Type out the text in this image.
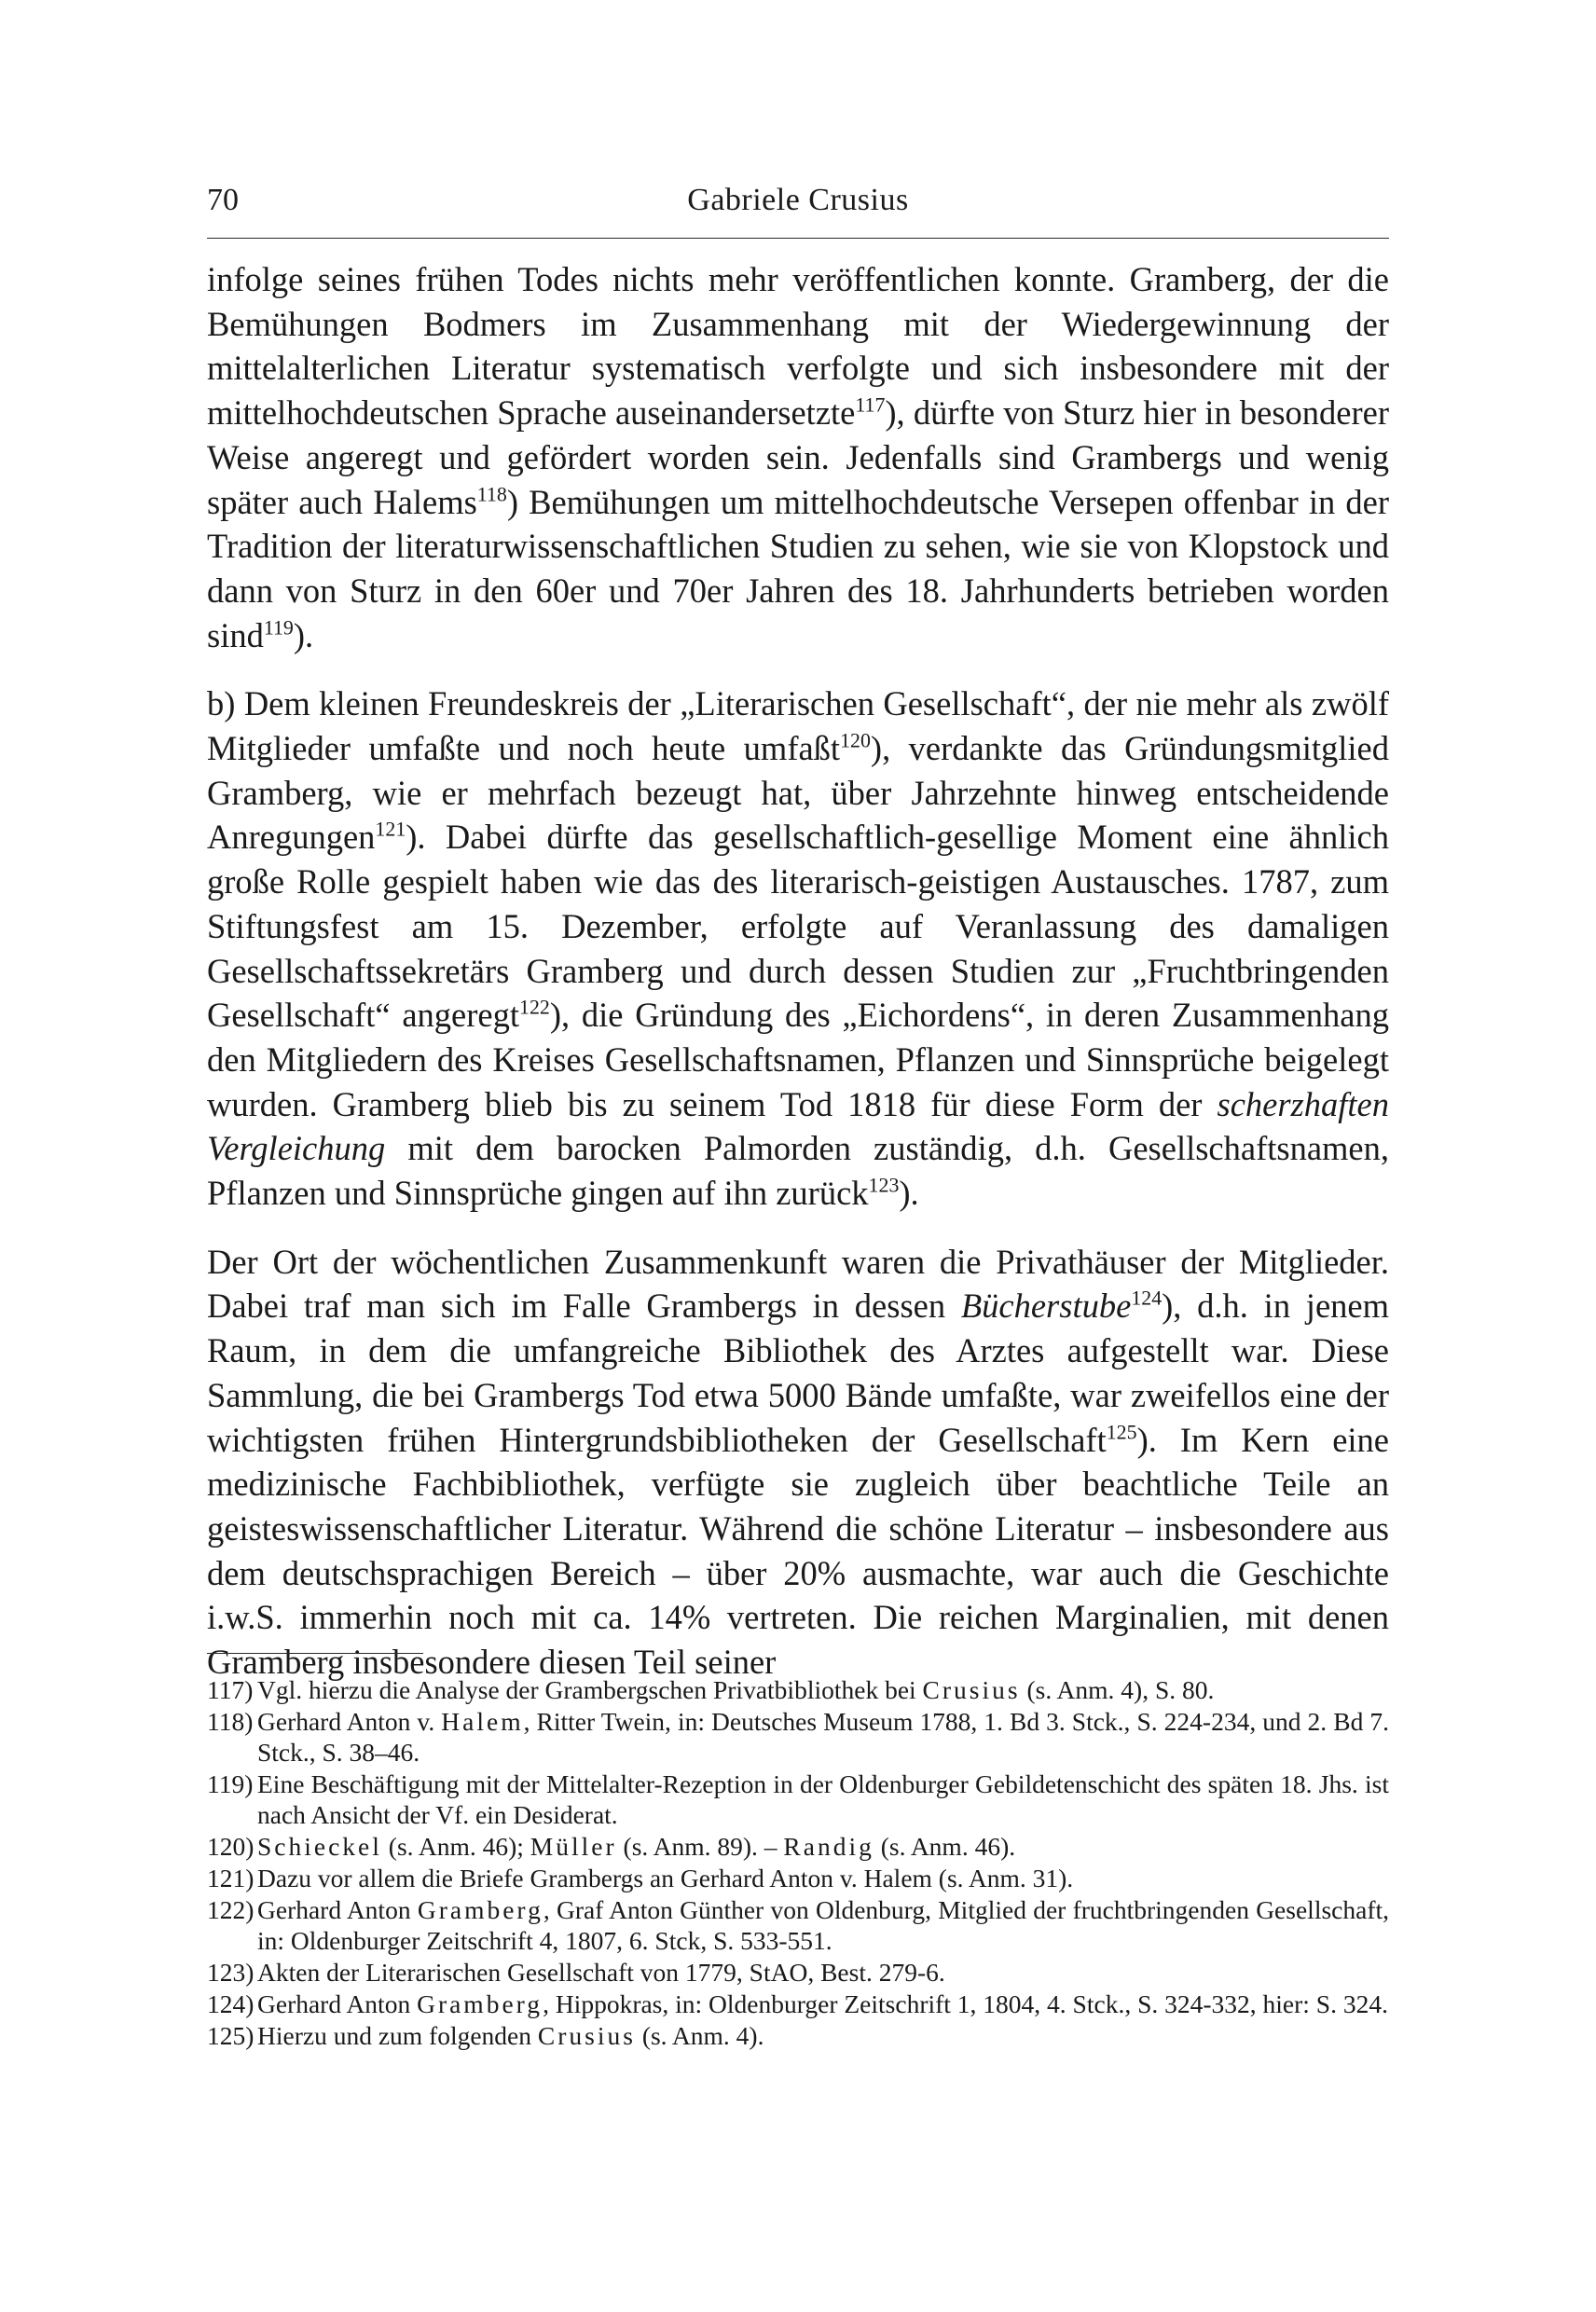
70	Gabriele Crusius

infolge seines frühen Todes nichts mehr veröffentlichen konnte. Gramberg, der die Bemühungen Bodmers im Zusammenhang mit der Wiedergewinnung der mittelalterlichen Literatur systematisch verfolgte und sich insbesondere mit der mittelhochdeutschen Sprache auseinandersetzte$^{117}$), dürfte von Sturz hier in besonderer Weise angeregt und gefördert worden sein. Jedenfalls sind Grambergs und wenig später auch Halems$^{118}$) Bemühungen um mittelhochdeutsche Versepen offenbar in der Tradition der literaturwissenschaftlichen Studien zu sehen, wie sie von Klopstock und dann von Sturz in den 60er und 70er Jahren des 18. Jahrhunderts betrieben worden sind$^{119}$).

b) Dem kleinen Freundeskreis der „Literarischen Gesellschaft“, der nie mehr als zwölf Mitglieder umfaßte und noch heute umfaßt$^{120}$), verdankte das Gründungsmitglied Gramberg, wie er mehrfach bezeugt hat, über Jahrzehnte hinweg entscheidende Anregungen$^{121}$). Dabei dürfte das gesellschaftlich-gesellige Moment eine ähnlich große Rolle gespielt haben wie das des literarisch-geistigen Austausches. 1787, zum Stiftungsfest am 15. Dezember, erfolgte auf Veranlassung des damaligen Gesellschaftssekretärs Gramberg und durch dessen Studien zur „Fruchtbringenden Gesellschaft“ angeregt$^{122}$), die Gründung des „Eichordens“, in deren Zusammenhang den Mitgliedern des Kreises Gesellschaftsnamen, Pflanzen und Sinnsprüche beigelegt wurden. Gramberg blieb bis zu seinem Tod 1818 für diese Form der scherzhaften Vergleichung mit dem barocken Palmorden zuständig, d.h. Gesellschaftsnamen, Pflanzen und Sinnsprüche gingen auf ihn zurück$^{123}$).

Der Ort der wöchentlichen Zusammenkunft waren die Privathäuser der Mitglieder. Dabei traf man sich im Falle Grambergs in dessen Bücherstube$^{124}$), d.h. in jenem Raum, in dem die umfangreiche Bibliothek des Arztes aufgestellt war. Diese Sammlung, die bei Grambergs Tod etwa 5000 Bände umfaßte, war zweifellos eine der wichtigsten frühen Hintergrundsbibliotheken der Gesellschaft$^{125}$). Im Kern eine medizinische Fachbibliothek, verfügte sie zugleich über beachtliche Teile an geisteswissenschaftlicher Literatur. Während die schöne Literatur – insbesondere aus dem deutschsprachigen Bereich – über 20% ausmachte, war auch die Geschichte i.w.S. immerhin noch mit ca. 14% vertreten. Die reichen Marginalien, mit denen Gramberg insbesondere diesen Teil seiner

117) Vgl. hierzu die Analyse der Grambergschen Privatbibliothek bei Crusius (s. Anm. 4), S. 80.
118) Gerhard Anton v. Halem, Ritter Twein, in: Deutsches Museum 1788, 1. Bd 3. Stck., S. 224-234, und 2. Bd 7. Stck., S. 38–46.
119) Eine Beschäftigung mit der Mittelalter-Rezeption in der Oldenburger Gebildetenschicht des späten 18. Jhs. ist nach Ansicht der Vf. ein Desiderat.
120) Schieckel (s. Anm. 46); Müller (s. Anm. 89). – Randig (s. Anm. 46).
121) Dazu vor allem die Briefe Grambergs an Gerhard Anton v. Halem (s. Anm. 31).
122) Gerhard Anton Gramberg, Graf Anton Günther von Oldenburg, Mitglied der fruchtbringenden Gesellschaft, in: Oldenburger Zeitschrift 4, 1807, 6. Stck, S. 533-551.
123) Akten der Literarischen Gesellschaft von 1779, StAO, Best. 279-6.
124) Gerhard Anton Gramberg, Hippokras, in: Oldenburger Zeitschrift 1, 1804, 4. Stck., S. 324-332, hier: S. 324.
125) Hierzu und zum folgenden Crusius (s. Anm. 4).
